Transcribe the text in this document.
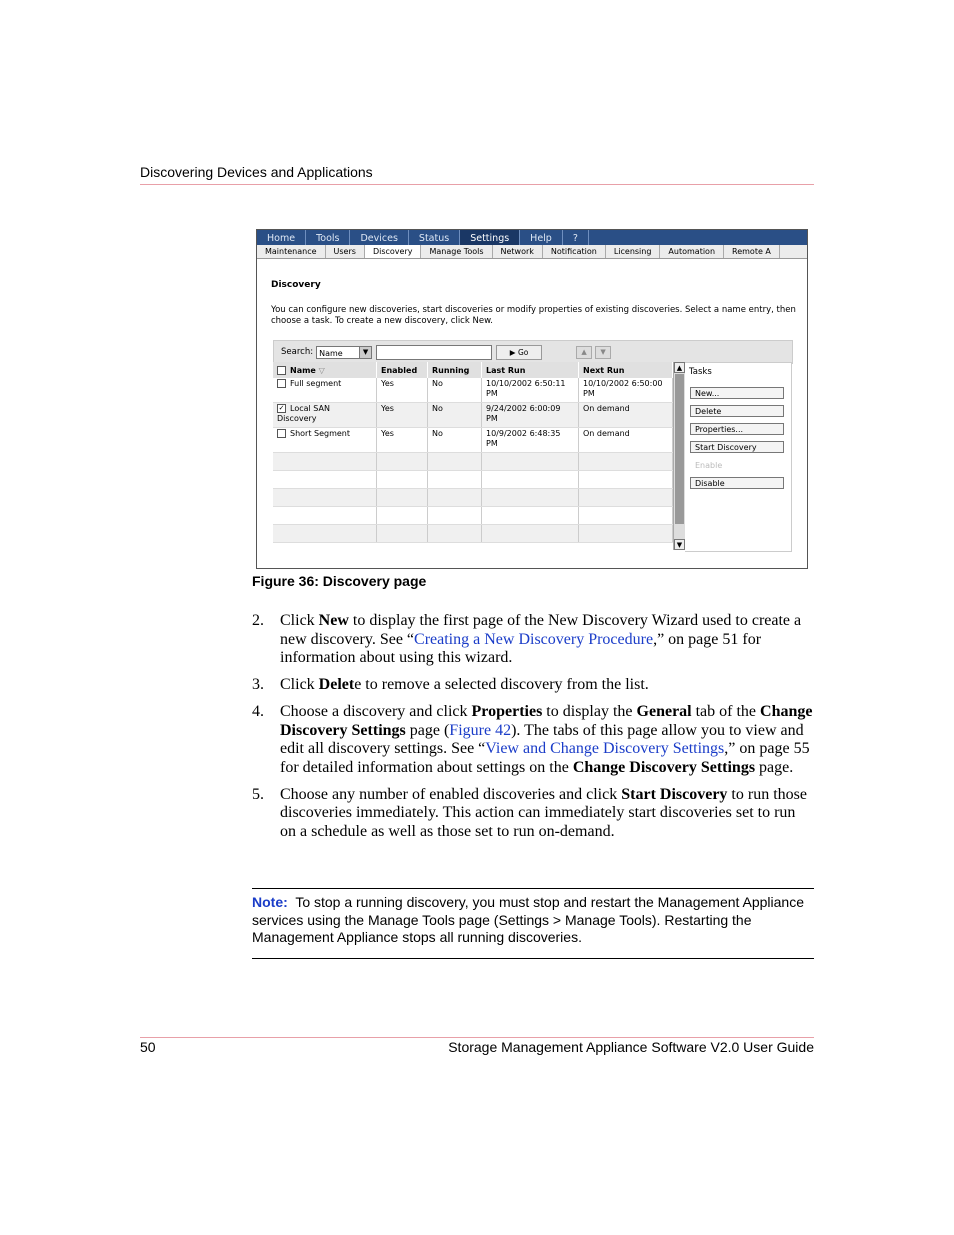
Discovering Devices and Applications
Home	Tools	Devices	Status	Settings	Help	?
Maintenance	Users	Discovery	Manage Tools	Network	Notification	Licensing	Automation	Remote A
Discovery
You can configure new discoveries, start discoveries or modify properties of existing discoveries. Select a name entry, then choose a task. To create a new discovery, click New.
Search: Name	▼	▶ Go	▲	▼
Name ▽	Enabled	Running	Last Run	Next Run
Full segment	Yes	No	10/10/2002 6:50:11 PM	10/10/2002 6:50:00 PM
✓ Local SAN Discovery	Yes	No	9/24/2002 6:00:09 PM	On demand
Short Segment	Yes	No	10/9/2002 6:48:35 PM	On demand

▲
▼
Tasks
New...
Delete
Properties...
Start Discovery
Enable
Disable
Figure 36: Discovery page
2.	Click New to display the first page of the New Discovery Wizard used to create a new discovery. See “Creating a New Discovery Procedure,” on page 51 for information about using this wizard.
3.	Click Delete to remove a selected discovery from the list.
4.	Choose a discovery and click Properties to display the General tab of the Change Discovery Settings page (Figure 42). The tabs of this page allow you to view and edit all discovery settings. See “View and Change Discovery Settings,” on page 55 for detailed information about settings on the Change Discovery Settings page.
5.	Choose any number of enabled discoveries and click Start Discovery to run those discoveries immediately. This action can immediately start discoveries set to run on a schedule as well as those set to run on-demand.
Note: To stop a running discovery, you must stop and restart the Management Appliance services using the Manage Tools page (Settings > Manage Tools). Restarting the Management Appliance stops all running discoveries.
50	Storage Management Appliance Software V2.0 User Guide
